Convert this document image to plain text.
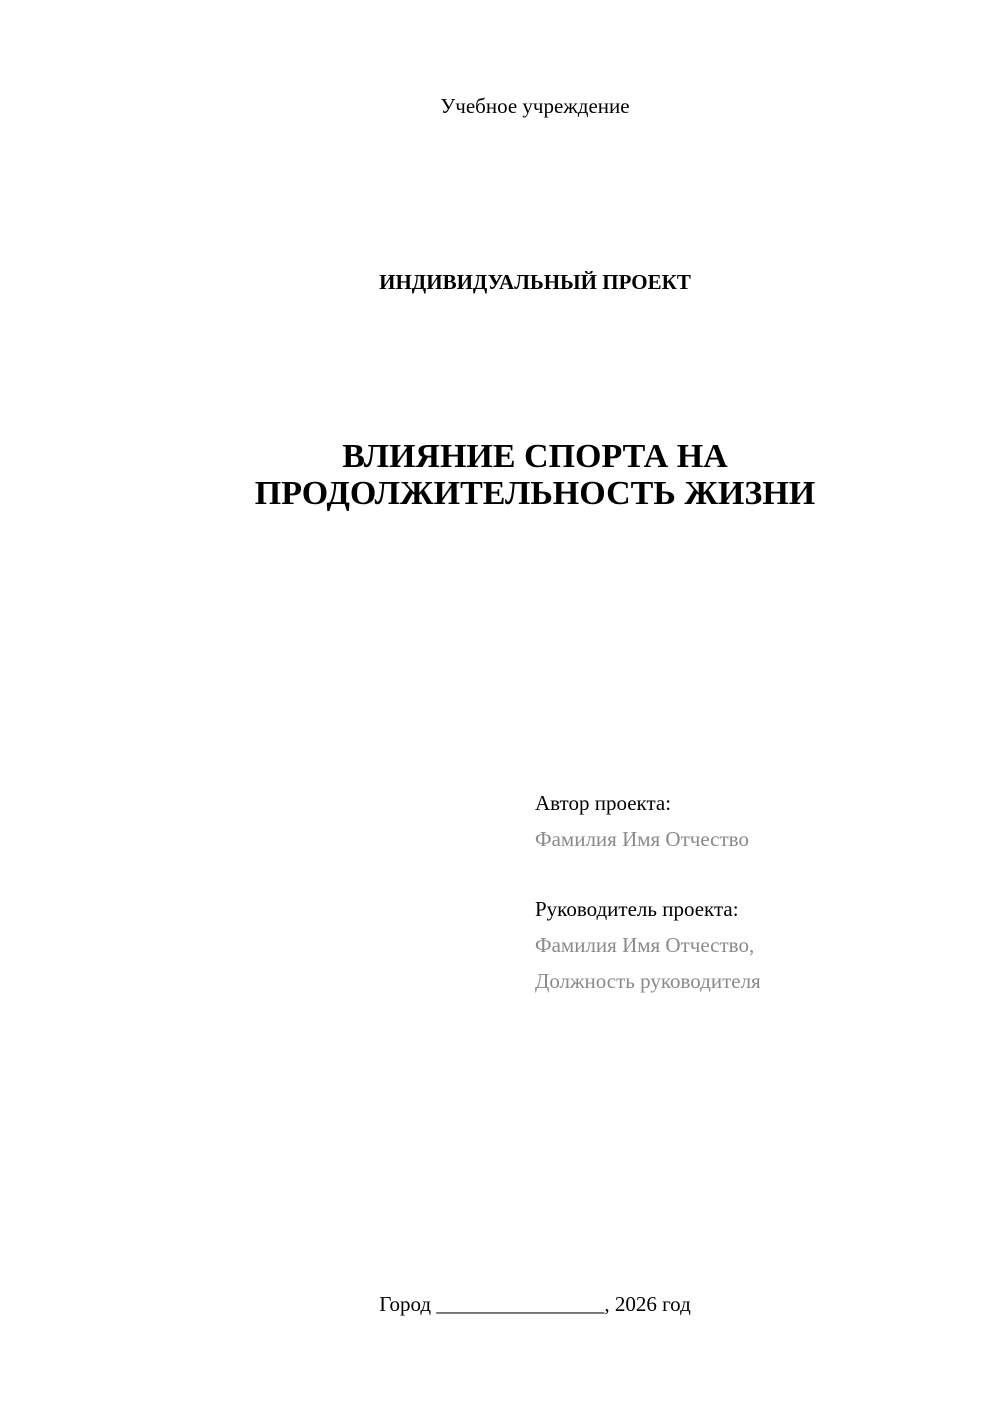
Учебное учреждение
ИНДИВИДУАЛЬНЫЙ ПРОЕКТ
ВЛИЯНИЕ СПОРТА НА
ПРОДОЛЖИТЕЛЬНОСТЬ ЖИЗНИ
Автор проекта:
Фамилия Имя Отчество
Руководитель проекта:
Фамилия Имя Отчество,
Должность руководителя
Город ________________, 2026 год
